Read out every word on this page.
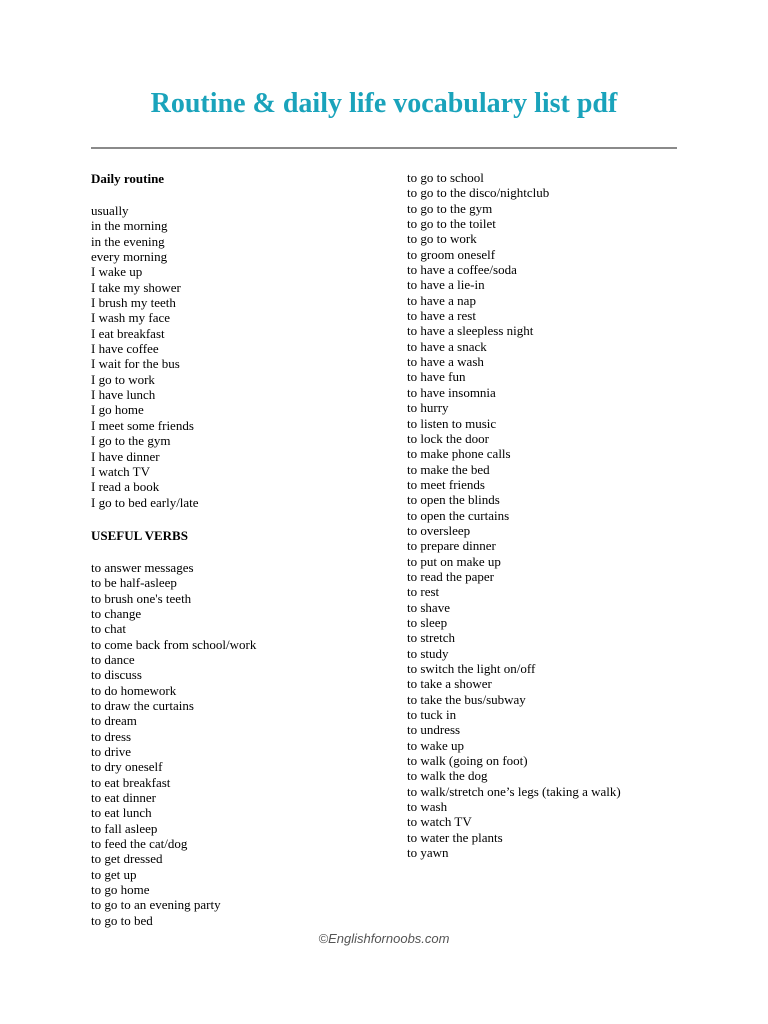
Routine & daily life vocabulary list pdf

Daily routine

usually
in the morning
in the evening
every morning
I wake up
I take my shower
I brush my teeth
I wash my face
I eat breakfast
I have coffee
I wait for the bus
I go to work
I have lunch
I go home
I meet some friends
I go to the gym
I have dinner
I watch TV
I read a book
I go to bed early/late

USEFUL VERBS

to answer messages
to be half-asleep
to brush one's teeth
to change
to chat
to come back from school/work
to dance
to discuss
to do homework
to draw the curtains
to dream
to dress
to drive
to dry oneself
to eat breakfast
to eat dinner
to eat lunch
to fall asleep
to feed the cat/dog
to get dressed
to get up
to go home
to go to an evening party
to go to bed
to go to school
to go to the disco/nightclub
to go to the gym
to go to the toilet
to go to work
to groom oneself
to have a coffee/soda
to have a lie-in
to have a nap
to have a rest
to have a sleepless night
to have a snack
to have a wash
to have fun
to have insomnia
to hurry
to listen to music
to lock the door
to make phone calls
to make the bed
to meet friends
to open the blinds
to open the curtains
to oversleep
to prepare dinner
to put on make up
to read the paper
to rest
to shave
to sleep
to stretch
to study
to switch the light on/off
to take a shower
to take the bus/subway
to tuck in
to undress
to wake up
to walk (going on foot)
to walk the dog
to walk/stretch one’s legs (taking a walk)
to wash
to watch TV
to water the plants
to yawn
©Englishfornoobs.com
